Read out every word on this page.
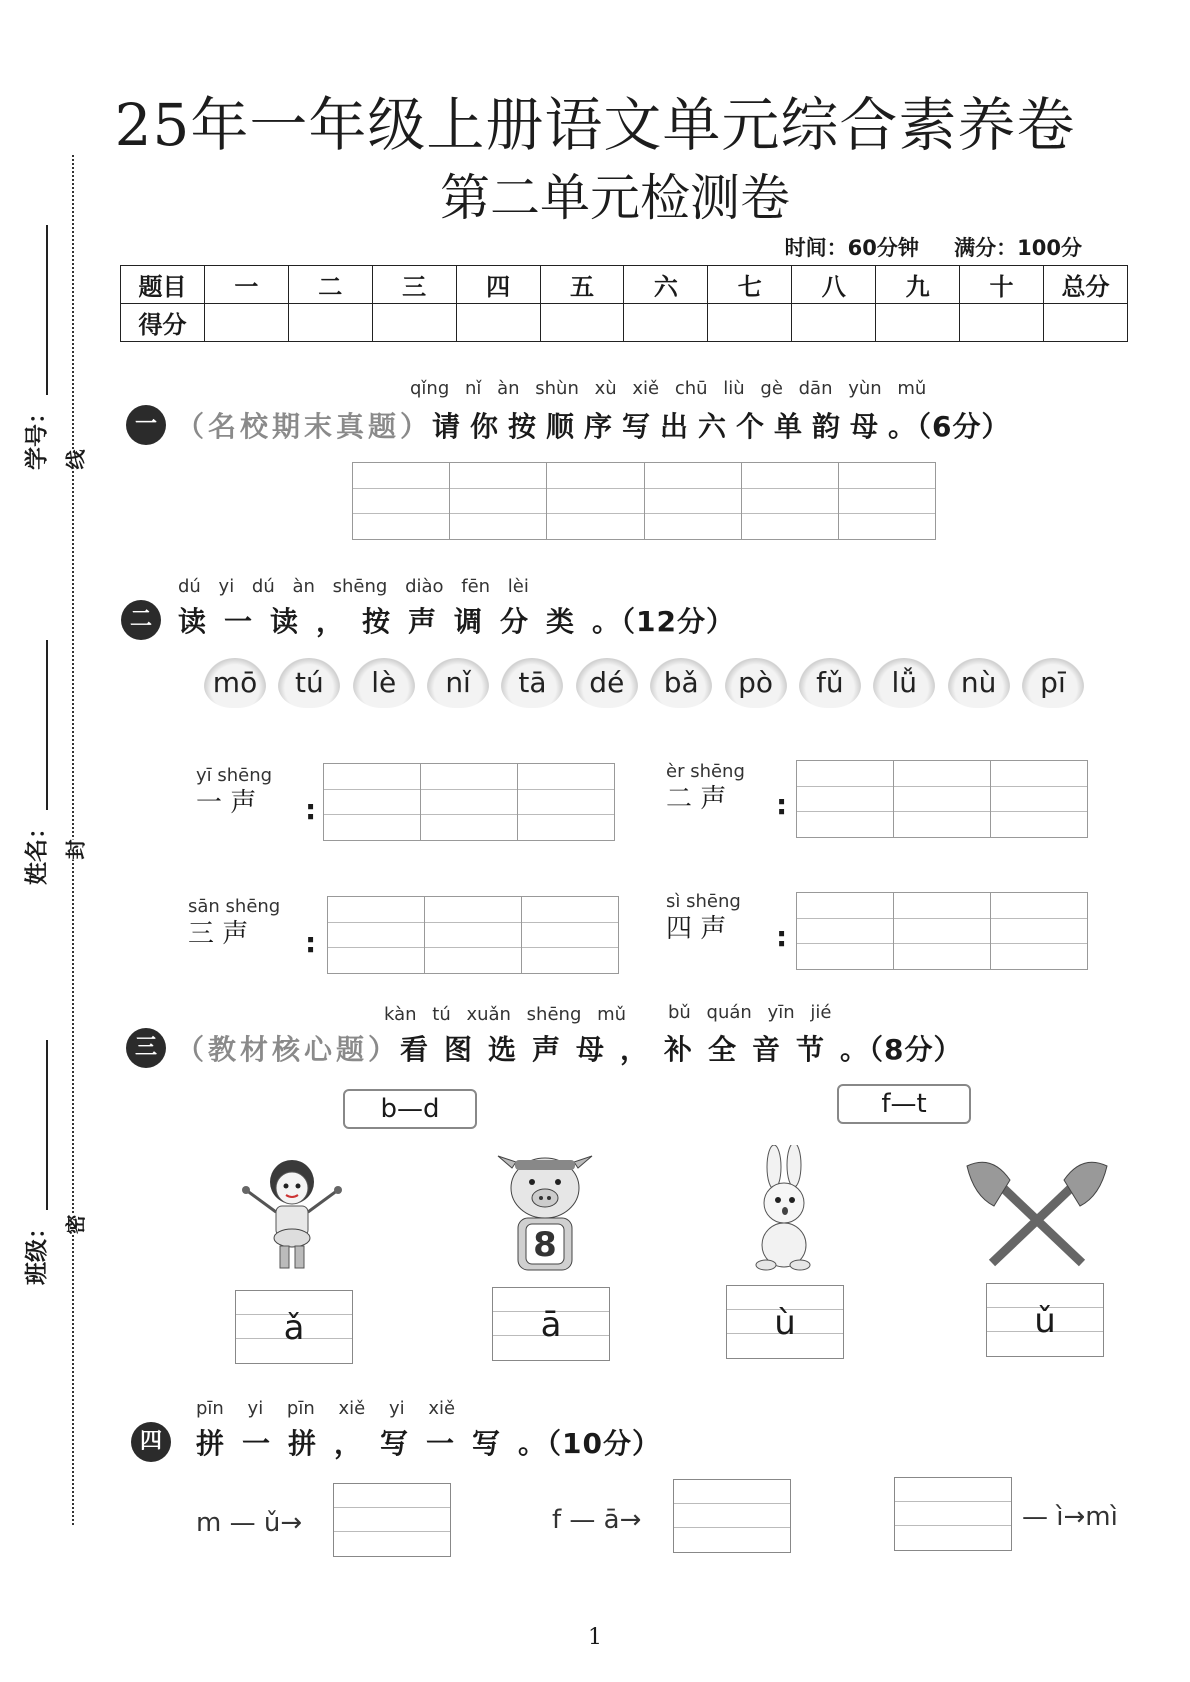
25年一年级上册语文单元综合素养卷
第二单元检测卷
时间：60分钟 满分：100分
题目	一	二	三	四	五	六	七	八	九	十	总分
得分											
线
封
密
学号：
姓名：
班级：
qǐng nǐ àn shùn xù xiě chū liù gè dān yùn mǔ
一 （名校期末真题）请你按顺序写出六个单韵母。（6分）
dú yi dú àn shēng diào fēn lèi
二 读一读，按声调分类。（12分）
mō	tú	lè	nǐ	tā	dé	bǎ	pò	fǔ	lǚ	nù	pī
yī shēng
一 声	:
èr shēng
二 声	:
sān shēng
三 声	:
sì shēng
四 声	:
kàn tú xuǎn shēng mǔ bǔ quán yīn jié
三 （教材核心题）看图选声母，补全音节。（8分）
b—d	f—t
8
ǎ	ā	ù	ǔ
pīn yi pīn xiě yi xiě
四	拼一拼，写一写。（10分）
m — ǔ→	f — ā→	— ì→mì
1
